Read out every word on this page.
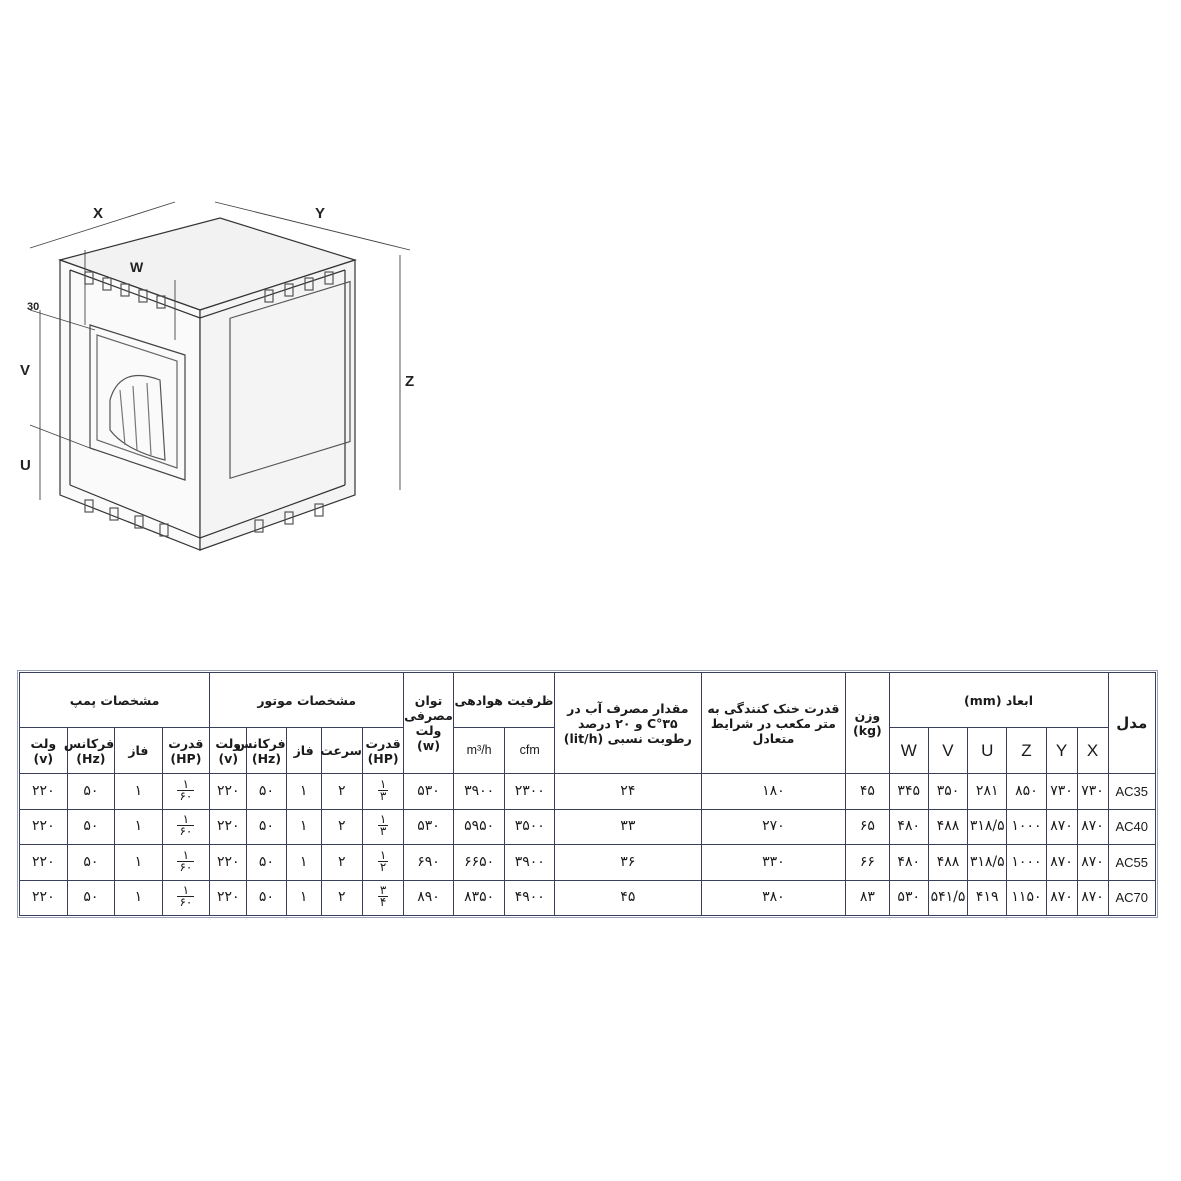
X	Y
W
30
V
U
Z
مدل	ابعاد (mm)						وزن (kg)	قدرت خنک کنندگی به متر مکعب در شرایط متعادل	مقدار مصرف آب در ۳۵°C و ۲۰ درصد رطوبت نسبی (lit/h)	ظرفیت هوادهی		توان مصرفی ولت (w)	مشخصات موتور					مشخصات پمپ			
	X	Y	Z	U	V	W				cfm	m³/h		قدرت (HP)	سرعت	فاز	فرکانس (Hz)	ولت (v)	قدرت (HP)	فاز	فرکانس (Hz)	ولت (v)
AC35	۷۳۰	۷۳۰	۸۵۰	۲۸۱	۳۵۰	۳۴۵	۴۵	۱۸۰	۲۴	۲۳۰۰	۳۹۰۰	۵۳۰	$\frac{۱}{۳}$	۲	۱	۵۰	۲۲۰	$\frac{۱}{۶۰}$	۱	۵۰	۲۲۰
AC40	۸۷۰	۸۷۰	۱۰۰۰	۳۱۸/۵	۴۸۸	۴۸۰	۶۵	۲۷۰	۳۳	۳۵۰۰	۵۹۵۰	۵۳۰	$\frac{۱}{۳}$	۲	۱	۵۰	۲۲۰	$\frac{۱}{۶۰}$	۱	۵۰	۲۲۰
AC55	۸۷۰	۸۷۰	۱۰۰۰	۳۱۸/۵	۴۸۸	۴۸۰	۶۶	۳۳۰	۳۶	۳۹۰۰	۶۶۵۰	۶۹۰	$\frac{۱}{۲}$	۲	۱	۵۰	۲۲۰	$\frac{۱}{۶۰}$	۱	۵۰	۲۲۰
AC70	۸۷۰	۸۷۰	۱۱۵۰	۴۱۹	۵۴۱/۵	۵۳۰	۸۳	۳۸۰	۴۵	۴۹۰۰	۸۳۵۰	۸۹۰	$\frac{۳}{۴}$	۲	۱	۵۰	۲۲۰	$\frac{۱}{۶۰}$	۱	۵۰	۲۲۰
